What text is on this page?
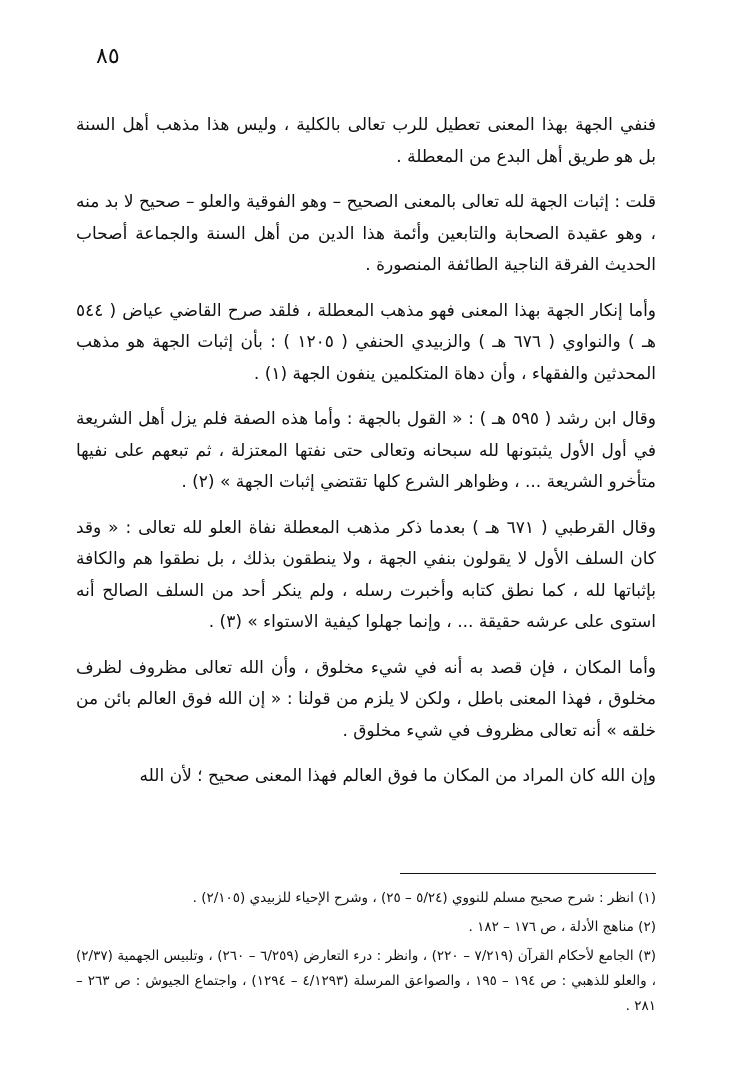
٨٥

فنفي الجهة بهذا المعنى تعطيل للرب تعالى بالكلية ، وليس هذا مذهب أهل السنة بل هو طريق أهل البدع من المعطلة .

قلت : إثبات الجهة لله تعالى بالمعنى الصحيح – وهو الفوقية والعلو – صحيح لا بد منه ، وهو عقيدة الصحابة والتابعين وأئمة هذا الدين من أهل السنة والجماعة أصحاب الحديث الفرقة الناجية الطائفة المنصورة .

وأما إنكار الجهة بهذا المعنى فهو مذهب المعطلة ، فلقد صرح القاضي عياض ( ٥٤٤ هـ ) والنواوي ( ٦٧٦ هـ ) والزبيدي الحنفي ( ١٢٠٥ ) : بأن إثبات الجهة هو مذهب المحدثين والفقهاء ، وأن دهاة المتكلمين ينفون الجهة (١) .

وقال ابن رشد ( ٥٩٥ هـ ) : « القول بالجهة : وأما هذه الصفة فلم يزل أهل الشريعة في أول الأول يثبتونها لله سبحانه وتعالى حتى نفتها المعتزلة ، ثم تبعهم على نفيها متأخرو الشريعة ... ، وظواهر الشرع كلها تقتضي إثبات الجهة » (٢) .

وقال القرطبي ( ٦٧١ هـ ) بعدما ذكر مذهب المعطلة نفاة العلو لله تعالى : « وقد كان السلف الأول لا يقولون بنفي الجهة ، ولا ينطقون بذلك ، بل نطقوا هم والكافة بإثباتها لله ، كما نطق كتابه وأخبرت رسله ، ولم ينكر أحد من السلف الصالح أنه استوى على عرشه حقيقة ... ، وإنما جهلوا كيفية الاستواء » (٣) .

وأما المكان ، فإن قصد به أنه في شيء مخلوق ، وأن الله تعالى مظروف لظرف مخلوق ، فهذا المعنى باطل ، ولكن لا يلزم من قولنا : « إن الله فوق العالم بائن من خلقه » أنه تعالى مظروف في شيء مخلوق .

وإن الله كان المراد من المكان ما فوق العالم فهذا المعنى صحيح ؛ لأن الله

(١) انظر : شرح صحيح مسلم للنووي (٥/٢٤ – ٢٥) ، وشرح الإحياء للزبيدي (٢/١٠٥) .

(٢) مناهج الأدلة ، ص ١٧٦ – ١٨٢ .

(٣) الجامع لأحكام القرآن (٧/٢١٩ – ٢٢٠) ، وانظر : درء التعارض (٦/٢٥٩ – ٢٦٠) ، وتلبيس الجهمية (٢/٣٧) ، والعلو للذهبي : ص ١٩٤ – ١٩٥ ، والصواعق المرسلة (٤/١٢٩٣ – ١٢٩٤) ، واجتماع الجيوش : ص ٢٦٣ – ٢٨١ .
